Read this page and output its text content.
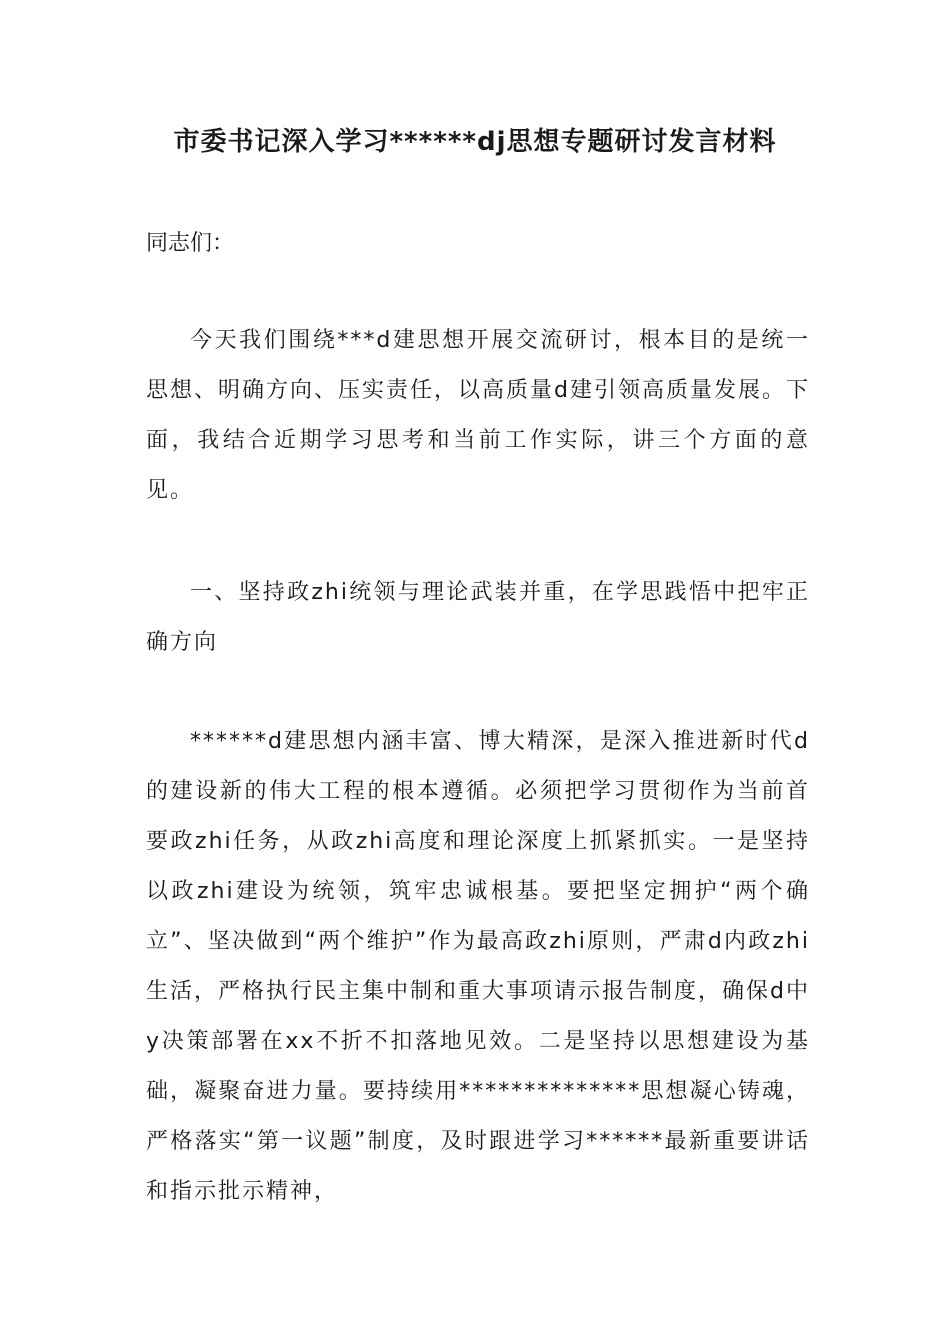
市委书记深入学习******dj思想专题研讨发言材料

同志们：

今天我们围绕***d建思想开展交流研讨，根本目的是统一思想、明确方向、压实责任，以高质量d建引领高质量发展。下面，我结合近期学习思考和当前工作实际，讲三个方面的意见。

一、坚持政zhi统领与理论武装并重，在学思践悟中把牢正确方向

******d建思想内涵丰富、博大精深，是深入推进新时代d的建设新的伟大工程的根本遵循。必须把学习贯彻作为当前首要政zhi任务，从政zhi高度和理论深度上抓紧抓实。一是坚持以政zhi建设为统领，筑牢忠诚根基。要把坚定拥护“两个确立”、坚决做到“两个维护”作为最高政zhi原则，严肃d内政zhi生活，严格执行民主集中制和重大事项请示报告制度，确保d中y决策部署在xx不折不扣落地见效。二是坚持以思想建设为基础，凝聚奋进力量。要持续用**************思想凝心铸魂，严格落实“第一议题”制度，及时跟进学习******最新重要讲话和指示批示精神，
